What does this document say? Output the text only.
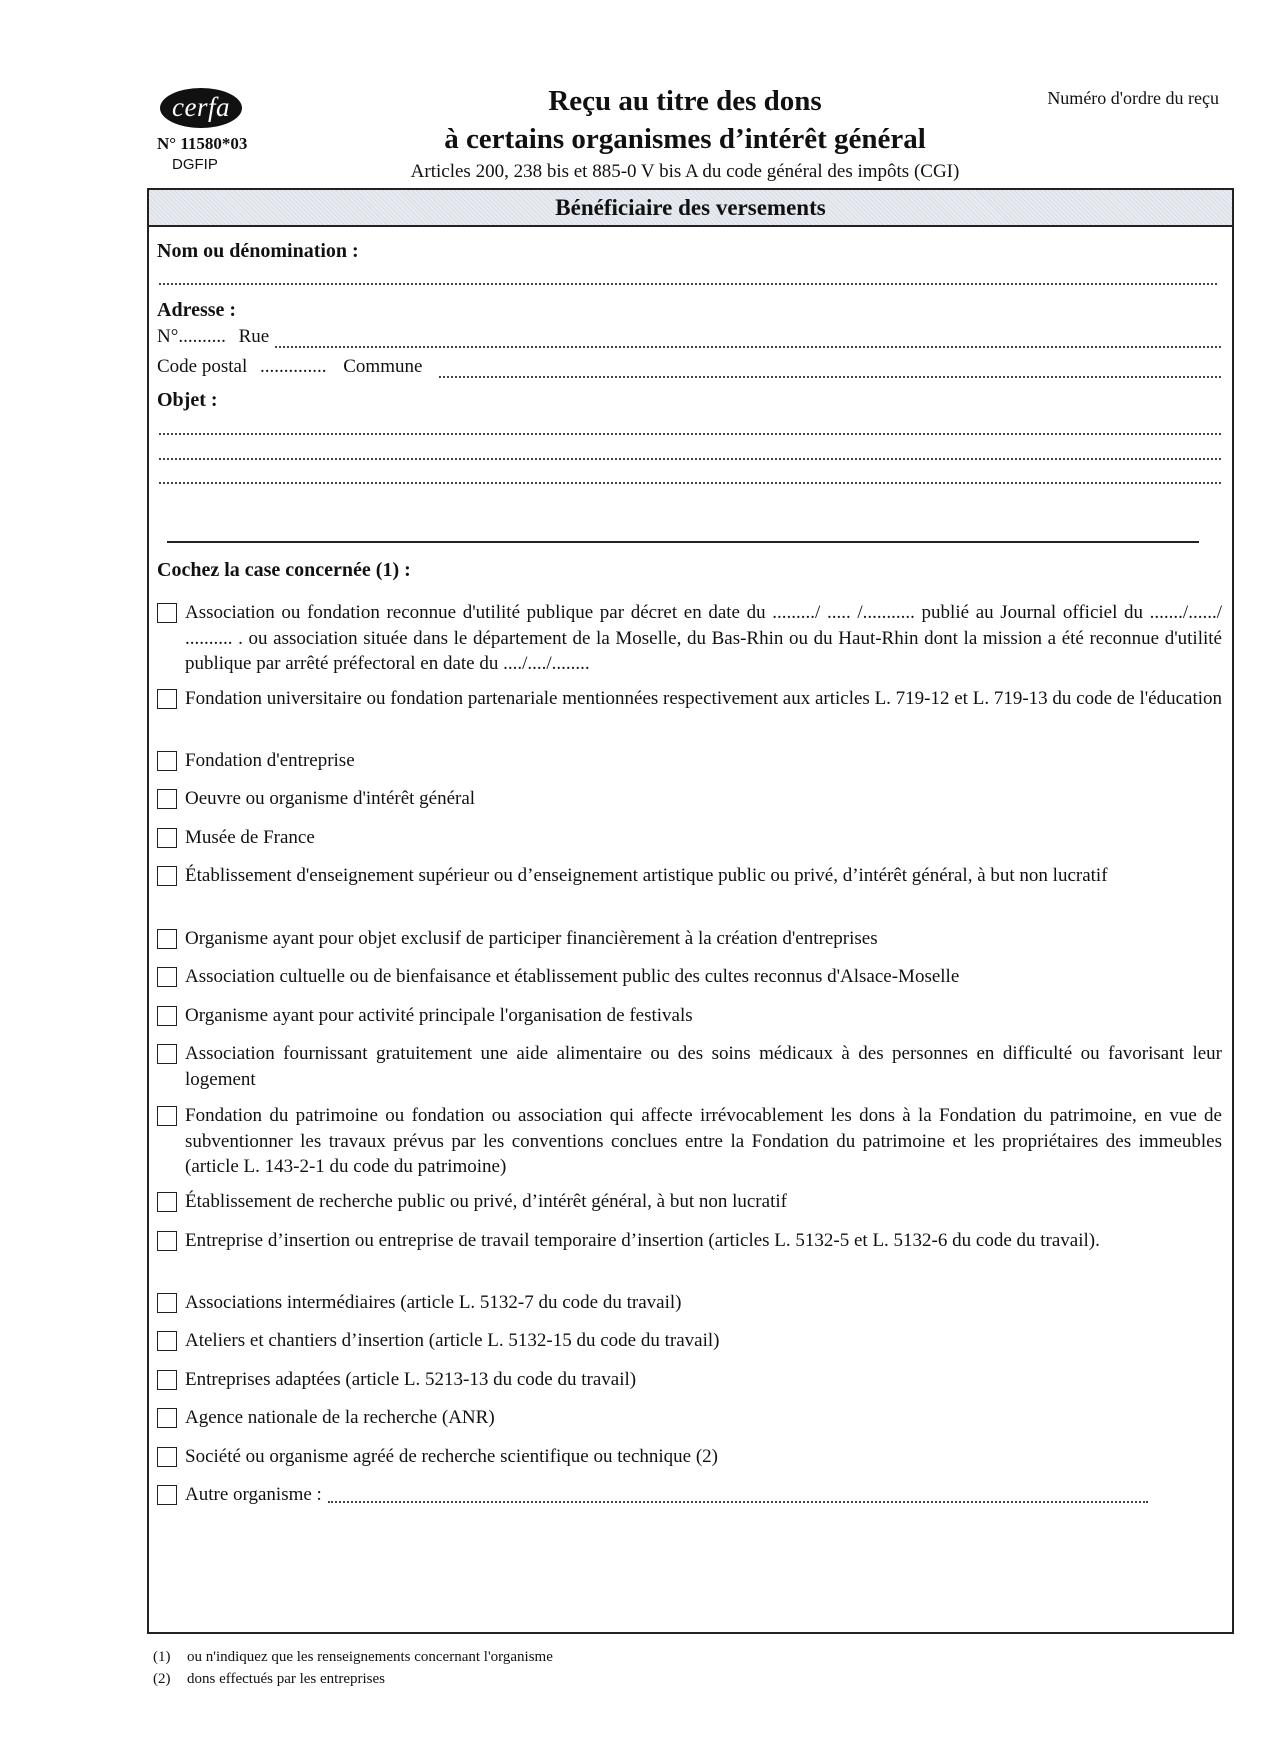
cerfa
N° 11580*03
DGFIP
Reçu au titre des dons
à certains organismes d’intérêt général
Articles 200, 238 bis et 885-0 V bis A du code général des impôts (CGI)
Numéro d'ordre du reçu
Bénéficiaire des versements
Nom ou dénomination :
Adresse :
N°.......... Rue
Code postal .............. Commune
Objet :
Cochez la case concernée (1) :
Association ou fondation reconnue d'utilité publique par décret en date du ........./ ..... /........... publié au Journal officiel du ......./....../ .......... . ou association située dans le département de la Moselle, du Bas-Rhin ou du Haut-Rhin dont la mission a été reconnue d'utilité publique par arrêté préfectoral en date du ..../..../........
Fondation universitaire ou fondation partenariale mentionnées respectivement aux articles L. 719-12 et L. 719-13 du code de l'éducation
Fondation d'entreprise
Oeuvre ou organisme d'intérêt général
Musée de France
Établissement d'enseignement supérieur ou d’enseignement artistique public ou privé, d’intérêt général, à but non lucratif
Organisme ayant pour objet exclusif de participer financièrement à la création d'entreprises
Association cultuelle ou de bienfaisance et établissement public des cultes reconnus d'Alsace-Moselle
Organisme ayant pour activité principale l'organisation de festivals
Association fournissant gratuitement une aide alimentaire ou des soins médicaux à des personnes en difficulté ou favorisant leur logement
Fondation du patrimoine ou fondation ou association qui affecte irrévocablement les dons à la Fondation du patrimoine, en vue de subventionner les travaux prévus par les conventions conclues entre la Fondation du patrimoine et les propriétaires des immeubles (article L. 143-2-1 du code du patrimoine)
Établissement de recherche public ou privé, d’intérêt général, à but non lucratif
Entreprise d’insertion ou entreprise de travail temporaire d’insertion (articles L. 5132-5 et L. 5132-6 du code du travail).
Associations intermédiaires (article L. 5132-7 du code du travail)
Ateliers et chantiers d’insertion (article L. 5132-15 du code du travail)
Entreprises adaptées (article L. 5213-13 du code du travail)
Agence nationale de la recherche (ANR)
Société ou organisme agréé de recherche scientifique ou technique (2)
Autre organisme :
(1) ou n'indiquez que les renseignements concernant l'organisme
(2) dons effectués par les entreprises
